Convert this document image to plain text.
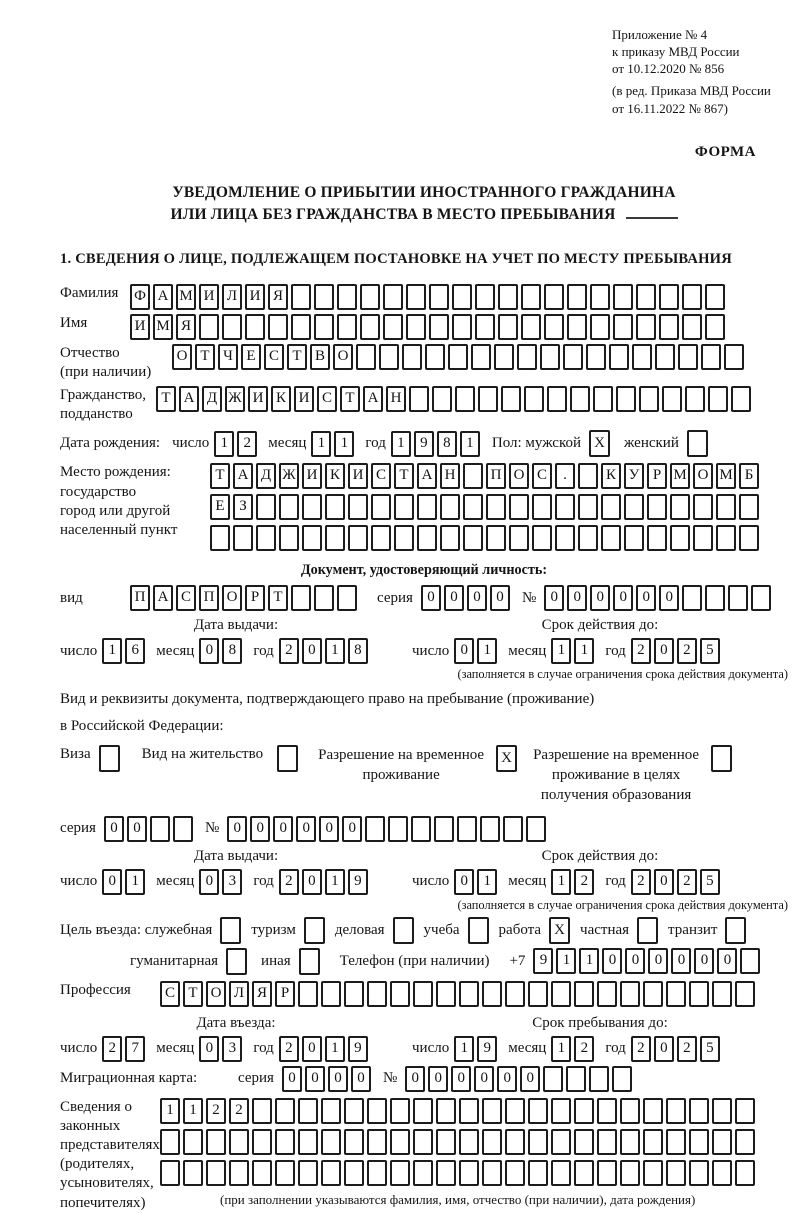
Приложение № 4
к приказу МВД России
от 10.12.2020 № 856
(в ред. Приказа МВД России
от 16.11.2022 № 867)
ФОРМА
УВЕДОМЛЕНИЕ О ПРИБЫТИИ ИНОСТРАННОГО ГРАЖДАНИНА
ИЛИ ЛИЦА БЕЗ ГРАЖДАНСТВА В МЕСТО ПРЕБЫВАНИЯ
1. СВЕДЕНИЯ О ЛИЦЕ, ПОДЛЕЖАЩЕМ ПОСТАНОВКЕ НА УЧЕТ ПО МЕСТУ ПРЕБЫВАНИЯ
Фамилия	Ф А М И Л И Я
Имя	И М Я
Отчество
(при наличии)
О Т Ч Е С Т В О
Гражданство,
подданство
Т А Д Ж И К И С Т А Н
Дата рождения: число 1	2	месяц 1	1	год 1	9	8	1	Пол: мужской X	женский
Место рождения:
государство
город или другой
населенный пункт
Т А Д Ж И К И С Т А Н	П О С	.	К У Р М О М Б
Е З
Документ, удостоверяющий личность:
вид	П А С П О Р Т	серия 0	0	0	0	№ 0	0	0	0	0	0
Дата выдачи:
число 1	6	месяц 0	8	год 2	0	1	8
Срок действия до:
число 0	1	месяц 1	1	год 2	0	2	5
(заполняется в случае ограничения срока действия документа)
Вид и реквизиты документа, подтверждающего право на пребывание (проживание)
в Российской Федерации:
Виза	Вид на жительство	Разрешение на временное
проживание
X	Разрешение на временное
проживание в целях
получения образования
серия 0	0	№ 0	0	0	0	0	0
Дата выдачи:
число 0	1	месяц 0	3	год 2	0	1	9
Срок действия до:
число 0	1	месяц 1	2	год 2	0	2	5
(заполняется в случае ограничения срока действия документа)
Цель въезда: служебная	туризм	деловая	учеба	работа X	частная	транзит
гуманитарная	иная	Телефон (при наличии) +7 9	1	1	0	0	0	0	0	0
Профессия	С Т О Л Я Р
Дата въезда:
число 2	7	месяц 0	3	год 2	0	1	9
Срок пребывания до:
число 1	9	месяц 1	2	год 2	0	2	5
Миграционная карта:	серия 0	0	0	0	№ 0	0	0	0	0	0
Сведения о
законных
представителях
(родителях,
усыновителях,
попечителях)
1	1	2	2
(при заполнении указываются фамилия, имя, отчество (при наличии), дата рождения)
